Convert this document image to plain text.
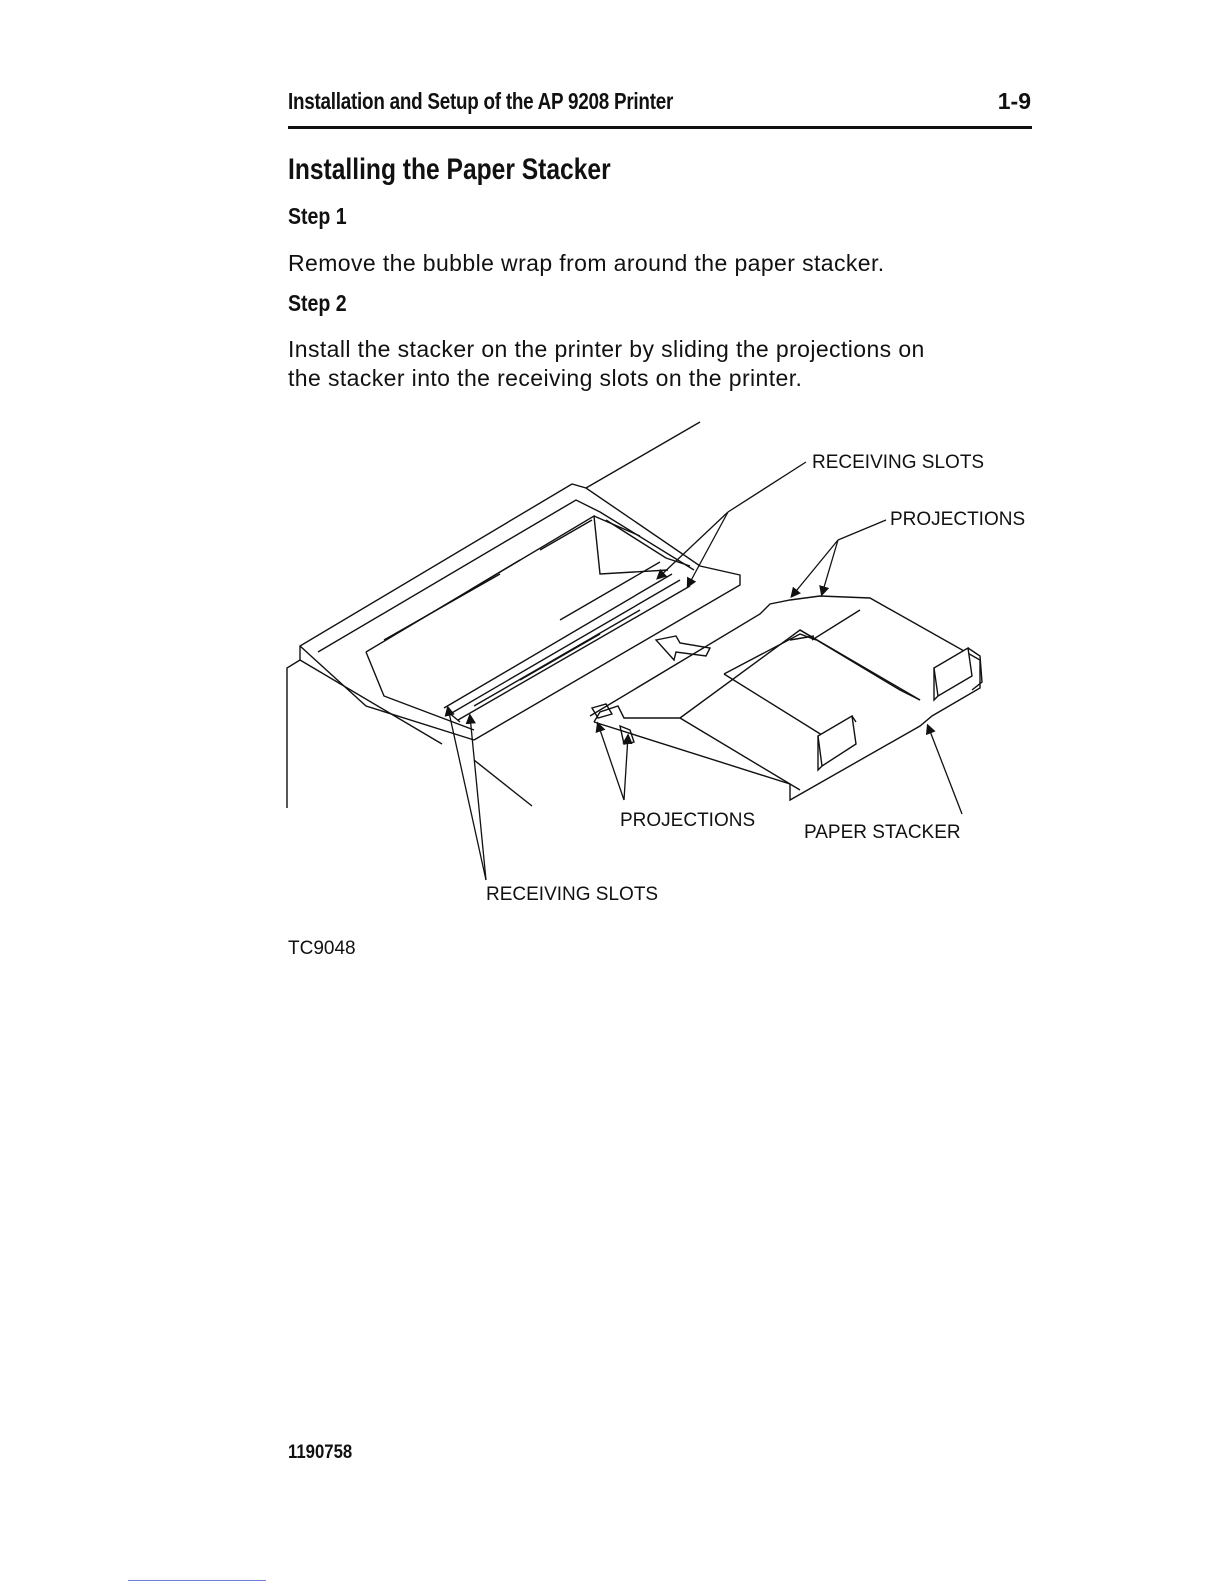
Installation and Setup of the AP 9208 Printer	1-9
Installing the Paper Stacker
Step 1
Remove the bubble wrap from around the paper stacker.
Step 2
Install the stacker on the printer by sliding the projections on
the stacker into the receiving slots on the printer.
RECEIVING SLOTS
PROJECTIONS
PROJECTIONS
PAPER STACKER
RECEIVING SLOTS
TC9048
1190758
